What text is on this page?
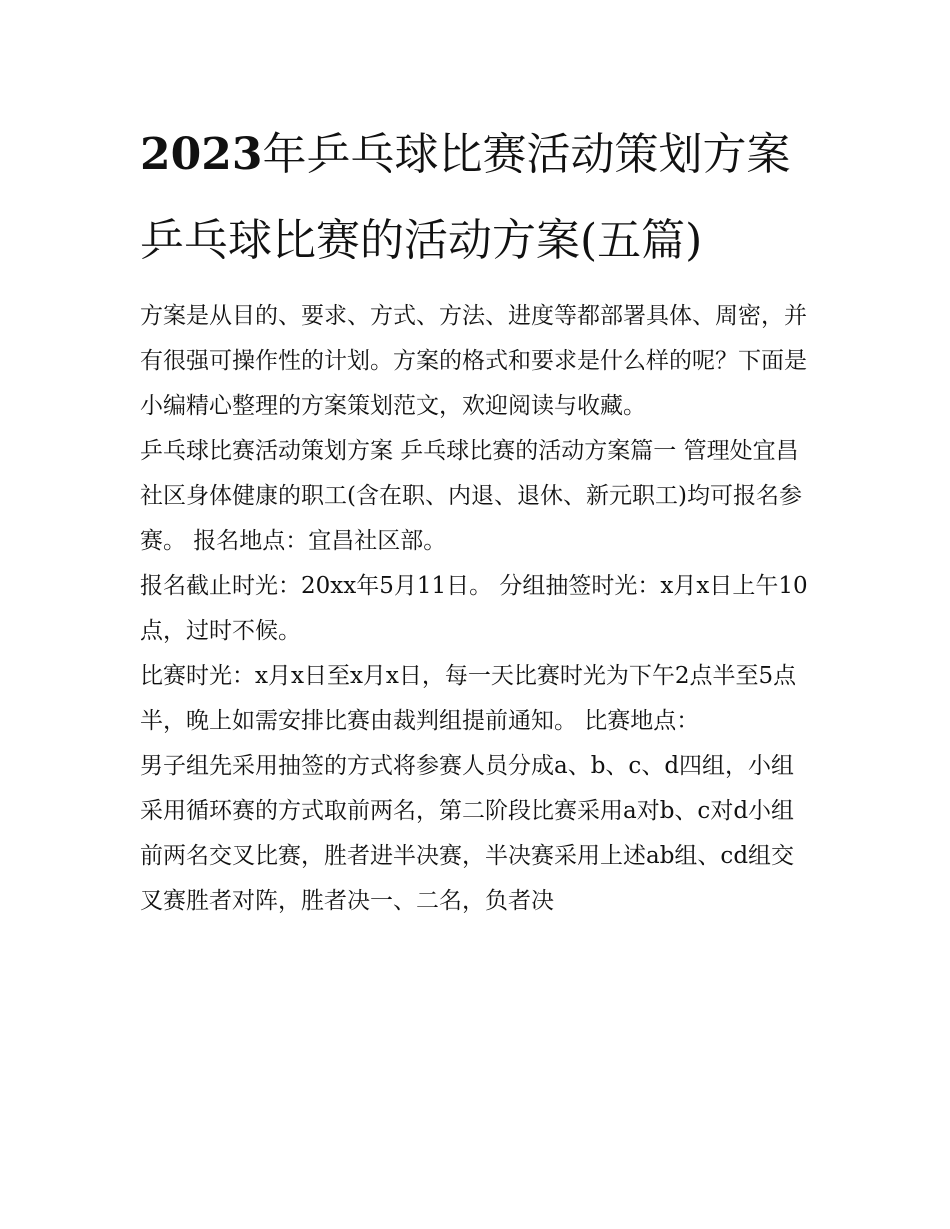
2023年乒乓球比赛活动策划方案 乒乓球比赛的活动方案(五篇)

方案是从目的、要求、方式、方法、进度等都部署具体、周密，并有很强可操作性的计划。方案的格式和要求是什么样的呢？下面是小编精心整理的方案策划范文，欢迎阅读与收藏。

乒乓球比赛活动策划方案 乒乓球比赛的活动方案篇一 管理处宜昌社区身体健康的职工(含在职、内退、退休、新元职工)均可报名参赛。 报名地点：宜昌社区部。

报名截止时光：20xx年5月11日。 分组抽签时光：x月x日上午10点，过时不候。

比赛时光：x月x日至x月x日，每一天比赛时光为下午2点半至5点半，晚上如需安排比赛由裁判组提前通知。 比赛地点：

男子组先采用抽签的方式将参赛人员分成a、b、c、d四组，小组采用循环赛的方式取前两名，第二阶段比赛采用a对b、c对d小组前两名交叉比赛，胜者进半决赛，半决赛采用上述ab组、cd组交叉赛胜者对阵，胜者决一、二名，负者决
